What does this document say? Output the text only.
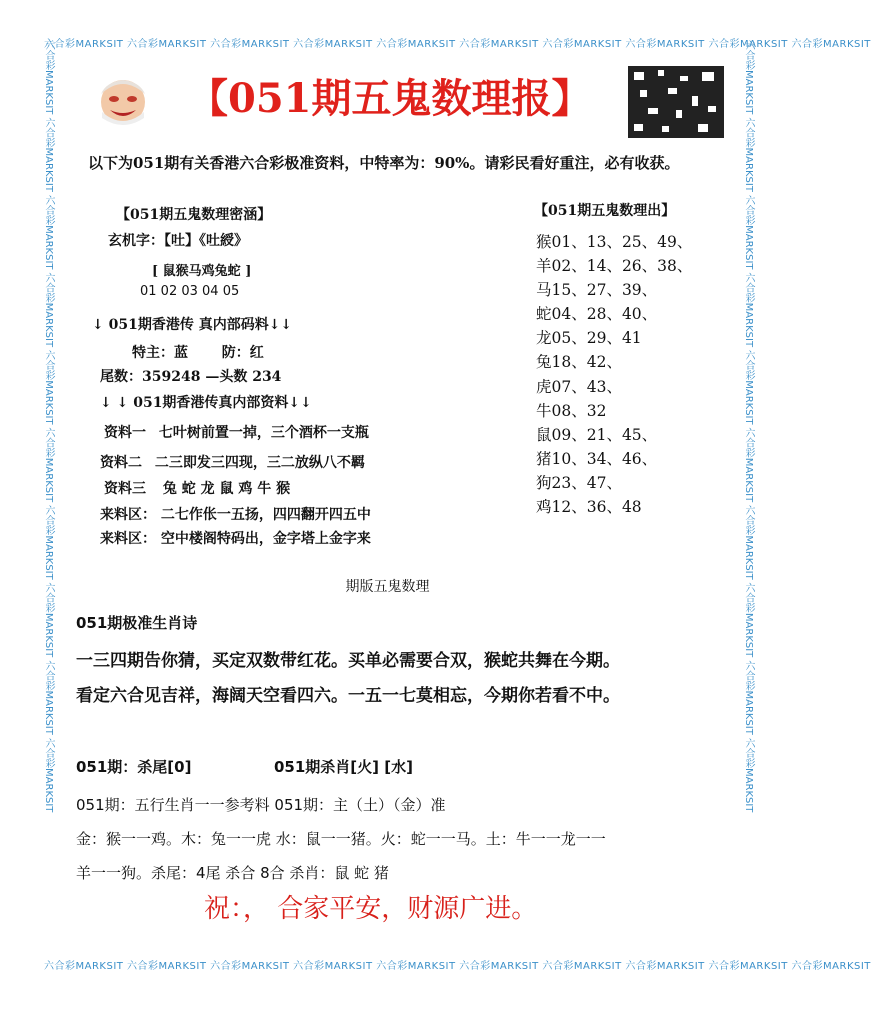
六合彩MARKSIT 六合彩MARKSIT 六合彩MARKSIT 六合彩MARKSIT 六合彩MARKSIT 六合彩MARKSIT 六合彩MARKSIT 六合彩MARKSIT 六合彩MARKSIT 六合彩MARKSIT
六合彩MARKSIT 六合彩MARKSIT 六合彩MARKSIT 六合彩MARKSIT 六合彩MARKSIT 六合彩MARKSIT 六合彩MARKSIT 六合彩MARKSIT 六合彩MARKSIT 六合彩MARKSIT
六合彩MARKSIT 六合彩MARKSIT 六合彩MARKSIT 六合彩MARKSIT 六合彩MARKSIT 六合彩MARKSIT 六合彩MARKSIT 六合彩MARKSIT 六合彩MARKSIT 六合彩MARKSIT	六合彩MARKSIT 六合彩MARKSIT 六合彩MARKSIT 六合彩MARKSIT 六合彩MARKSIT 六合彩MARKSIT 六合彩MARKSIT 六合彩MARKSIT 六合彩MARKSIT 六合彩MARKSIT
【051期五鬼数理报】
以下为051期有关香港六合彩极准资料，中特率为：90%。请彩民看好重注，必有收获。
【051期五鬼数理密涵】
玄机字：【吐】《吐綬》
[ 鼠猴马鸡兔蛇 ]
01 02 03 04 05
↓ 051期香港传 真内部码料↓↓
特主：蓝 防：红
尾数：359248 —头数 234
↓ ↓ 051期香港传真内部资料↓↓
资料一 七叶树前置一掉，三个酒杯一支瓶
资料二 二三即发三四现，三二放纵八不羁
资料三 兔 蛇 龙 鼠 鸡 牛 猴
来料区： 二七作伥一五扬，四四翻开四五中
来料区： 空中楼阁特码出，金字塔上金字来
【051期五鬼数理出】
猴01、13、25、49、
羊02、14、26、38、
马15、27、39、
蛇04、28、40、
龙05、29、41
兔18、42、
虎07、43、
牛08、32
鼠09、21、45、
猪10、34、46、
狗23、47、
鸡12、36、48
期版五鬼数理
051期极准生肖诗
一三四期告你猜，买定双数带红花。买单必需要合双，猴蛇共舞在今期。
看定六合见吉祥，海阔天空看四六。一五一七莫相忘，今期你若看不中。
051期：杀尾[0]	051期杀肖[火] [水]
051期：五行生肖一一参考料 051期：主（土）（金）准
金：猴一一鸡。木：兔一一虎 水：鼠一一猪。火：蛇一一马。土：牛一一龙一一
羊一一狗。杀尾：4尾 杀合 8合 杀肖：鼠 蛇 猪
祝：， 合家平安，财源广进。
